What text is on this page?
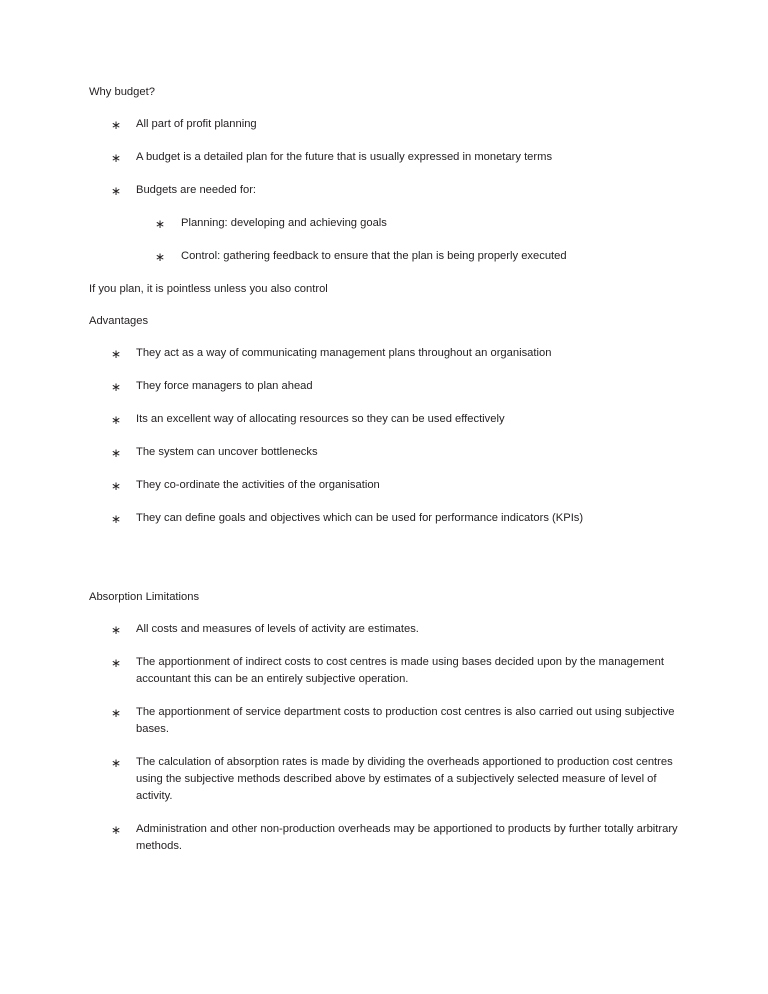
Why budget?

∗ All part of profit planning
∗ A budget is a detailed plan for the future that is usually expressed in monetary terms
∗ Budgets are needed for:
∗ Planning: developing and achieving goals
∗ Control: gathering feedback to ensure that the plan is being properly executed

If you plan, it is pointless unless you also control

Advantages

∗ They act as a way of communicating management plans throughout an organisation
∗ They force managers to plan ahead
∗ Its an excellent way of allocating resources so they can be used effectively
∗ The system can uncover bottlenecks
∗ They co-ordinate the activities of the organisation
∗ They can define goals and objectives which can be used for performance indicators (KPIs)

Absorption Limitations

∗ All costs and measures of levels of activity are estimates.
∗ The apportionment of indirect costs to cost centres is made using bases decided upon by the management accountant this can be an entirely subjective operation.
∗ The apportionment of service department costs to production cost centres is also carried out using subjective bases.
∗ The calculation of absorption rates is made by dividing the overheads apportioned to production cost centres using the subjective methods described above by estimates of a subjectively selected measure of level of activity.
∗ Administration and other non-production overheads may be apportioned to products by further totally arbitrary methods.
